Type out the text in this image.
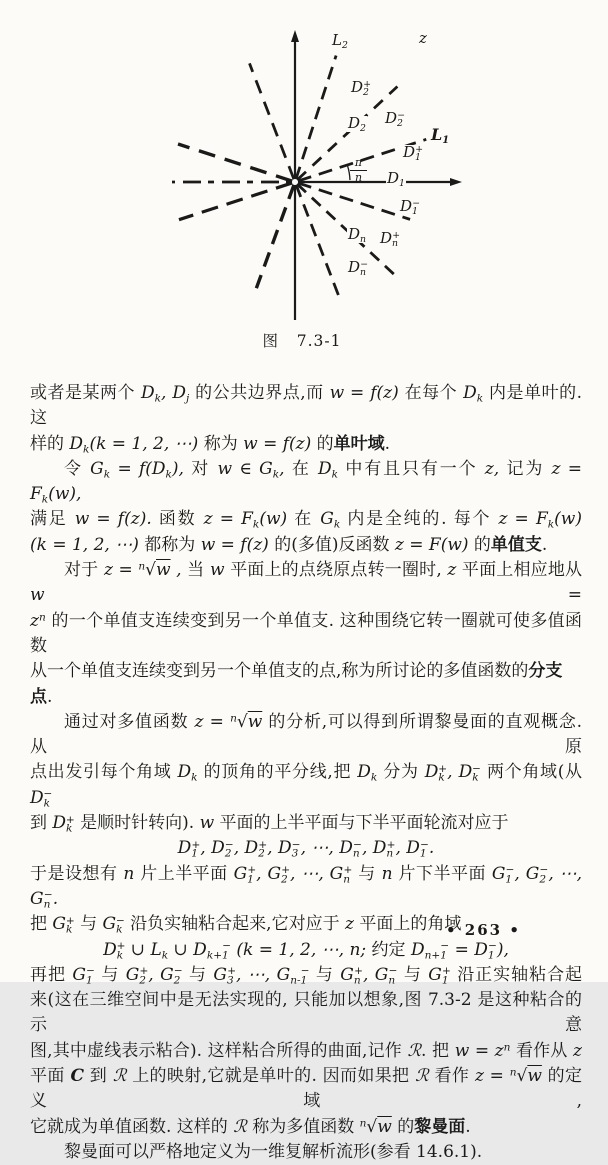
$L_2$	z
$D_2^+$
$D_2$
$D_2^-$
$L_1$
$D_1^+$
$\frac{\pi}{n} D_1$
$D_1^-$
$D_n$ $D_n^+$
$D_n^-$
图   7.3-1
或者是某两个 $D_k$, $D_j$ 的公共边界点,而 w = f(z) 在每个 $D_k$ 内是单叶的. 这
样的 $D_k(k = 1$, 2, ⋯) 称为 w = f(z) 的单叶域.
令 $G_k = f(D_k)$, 对 w ∈ $G_k$, 在 $D_k$ 中有且只有一个 z, 记为 $z = F_k(w)$,
满足 w = f(z). 函数 $z = F_k(w)$ 在 $G_k$ 内是全纯的. 每个 $z = F_k(w)$
(k = 1, 2, ⋯) 都称为 w = f(z) 的(多值)反函数 z = F(w) 的单值支.
对于 z = $^n$√w , 当 w 平面上的点绕原点转一圈时, z 平面上相应地从 w =
$z^n$ 的一个单值支连续变到另一个单值支. 这种围绕它转一圈就可使多值函数
从一个单值支连续变到另一个单值支的点,称为所讨论的多值函数的分支点.
通过对多值函数 z = $^n$√w 的分析,可以得到所谓黎曼面的直观概念. 从原
点出发引每个角域 $D_k$ 的顶角的平分线,把 $D_k$ 分为 $D_k^+$, $D_k^-$ 两个角域(从 $D_k^-$
到 $D_k^+$ 是顺时针转向). w 平面的上半平面与下半平面轮流对应于
$D_1^+$, $D_2^-$, $D_2^+$, $D_3^-$, ⋯, $D_n^-$, $D_n^+$, $D_1^-$.
于是设想有 n 片上半平面 $G_1^+$, $G_2^+$, ⋯, $G_n^+$ 与 n 片下半平面 $G_1^-$, $G_2^-$, ⋯, $G_n^-$.
把 $G_k^+$ 与 $G_k^-$ 沿负实轴粘合起来,它对应于 z 平面上的角域
$D_k^+$ ∪ $L_k$ ∪ $D_{k+1}^-$ (k = 1, 2, ⋯, n; 约定 $D_{n+1}^- = D_1^-$),
再把 $G_1^-$ 与 $G_2^+$, $G_2^-$ 与 $G_3^+$, ⋯, $G_{n-1}^-$ 与 $G_n^+$, $G_n^-$ 与 $G_1^+$ 沿正实轴粘合起
来(这在三维空间中是无法实现的, 只能加以想象,图 7.3-2 是这种粘合的示意
图,其中虚线表示粘合). 这样粘合所得的曲面,记作 ℛ. 把 $w = z^n$ 看作从 z
平面 C 到 ℛ 上的映射,它就是单叶的. 因而如果把 ℛ 看作 z = $^n$√w 的定义域,
它就成为单值函数. 这样的 ℛ 称为多值函数 $^n$√w 的黎曼面.
黎曼面可以严格地定义为一维复解析流形(参看 14.6.1).
• 263 •
